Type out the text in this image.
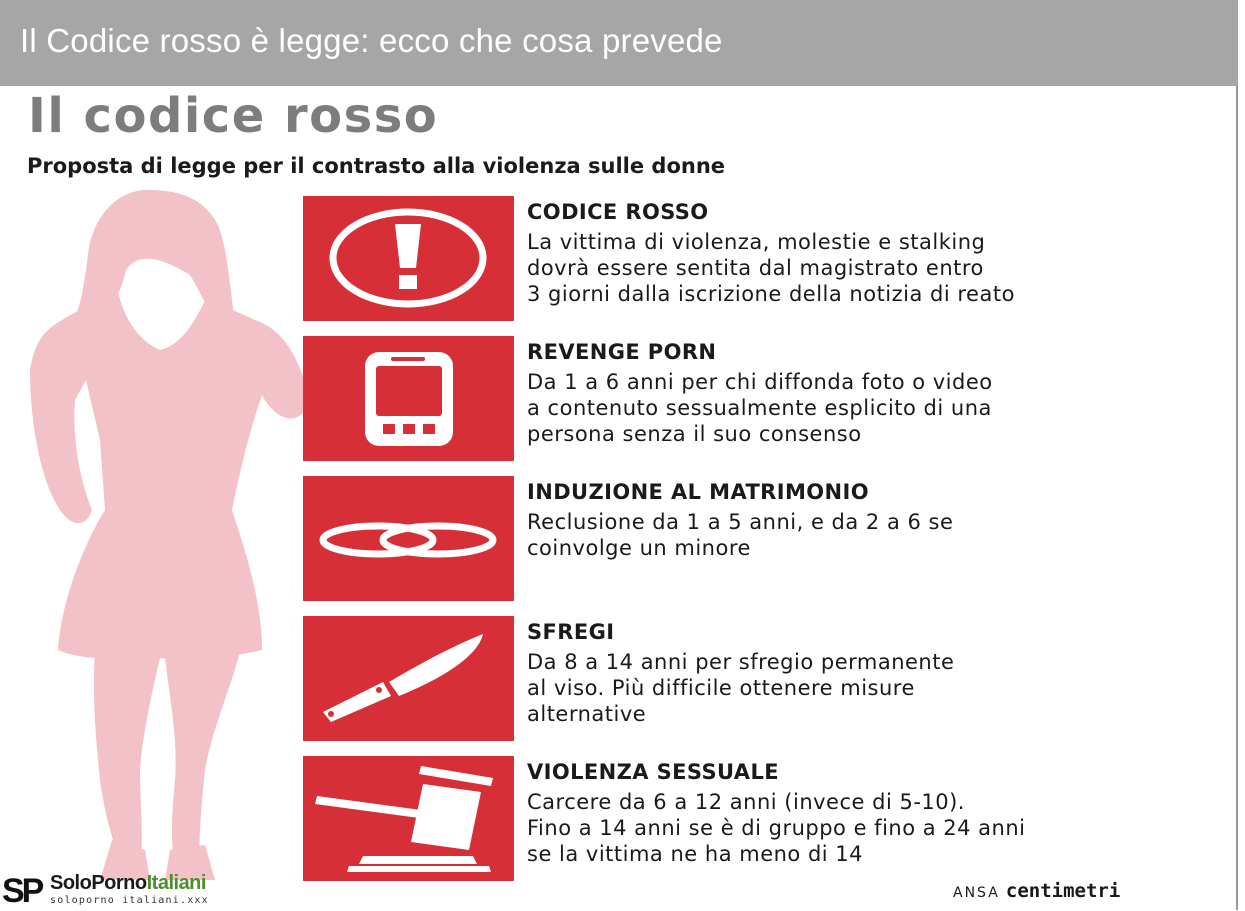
Il Codice rosso è legge: ecco che cosa prevede
Il codice rosso
Proposta di legge per il contrasto alla violenza sulle donne
CODICE ROSSO
La vittima di violenza, molestie e stalking
dovrà essere sentita dal magistrato entro
3 giorni dalla iscrizione della notizia di reato
REVENGE PORN
Da 1 a 6 anni per chi diffonda foto o video
a contenuto sessualmente esplicito di una
persona senza il suo consenso
INDUZIONE AL MATRIMONIO
Reclusione da 1 a 5 anni, e da 2 a 6 se
coinvolge un minore
SFREGI
Da 8 a 14 anni per sfregio permanente
al viso. Più difficile ottenere misure
alternative
VIOLENZA SESSUALE
Carcere da 6 a 12 anni (invece di 5-10).
Fino a 14 anni se è di gruppo e fino a 24 anni
se la vittima ne ha meno di 14
SP SoloPornoItaliani
soloporno italiani.xxx	ANSA centimetri
